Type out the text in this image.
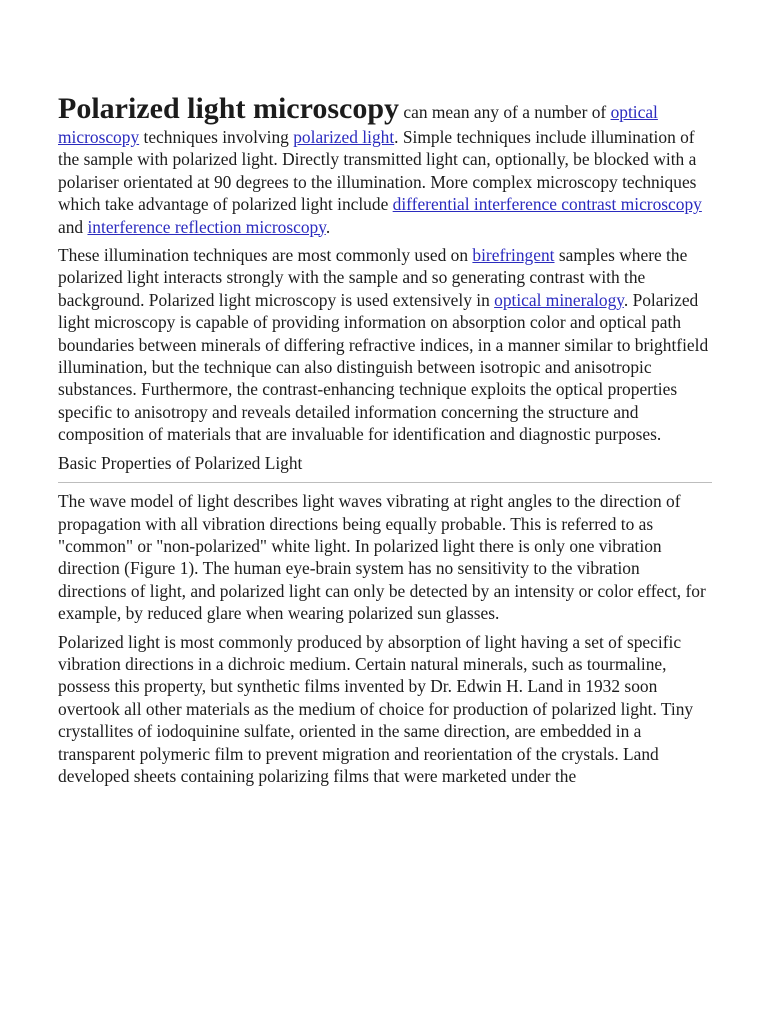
Polarized light microscopy can mean any of a number of optical microscopy techniques involving polarized light. Simple techniques include illumination of the sample with polarized light. Directly transmitted light can, optionally, be blocked with a polariser orientated at 90 degrees to the illumination. More complex microscopy techniques which take advantage of polarized light include differential interference contrast microscopy and interference reflection microscopy.

These illumination techniques are most commonly used on birefringent samples where the polarized light interacts strongly with the sample and so generating contrast with the background. Polarized light microscopy is used extensively in optical mineralogy. Polarized light microscopy is capable of providing information on absorption color and optical path boundaries between minerals of differing refractive indices, in a manner similar to brightfield illumination, but the technique can also distinguish between isotropic and anisotropic substances. Furthermore, the contrast-enhancing technique exploits the optical properties specific to anisotropy and reveals detailed information concerning the structure and composition of materials that are invaluable for identification and diagnostic purposes.

Basic Properties of Polarized Light

The wave model of light describes light waves vibrating at right angles to the direction of propagation with all vibration directions being equally probable. This is referred to as "common" or "non-polarized" white light. In polarized light there is only one vibration direction (Figure 1). The human eye-brain system has no sensitivity to the vibration directions of light, and polarized light can only be detected by an intensity or color effect, for example, by reduced glare when wearing polarized sun glasses.

Polarized light is most commonly produced by absorption of light having a set of specific vibration directions in a dichroic medium. Certain natural minerals, such as tourmaline, possess this property, but synthetic films invented by Dr. Edwin H. Land in 1932 soon overtook all other materials as the medium of choice for production of polarized light. Tiny crystallites of iodoquinine sulfate, oriented in the same direction, are embedded in a transparent polymeric film to prevent migration and reorientation of the crystals. Land developed sheets containing polarizing films that were marketed under the
